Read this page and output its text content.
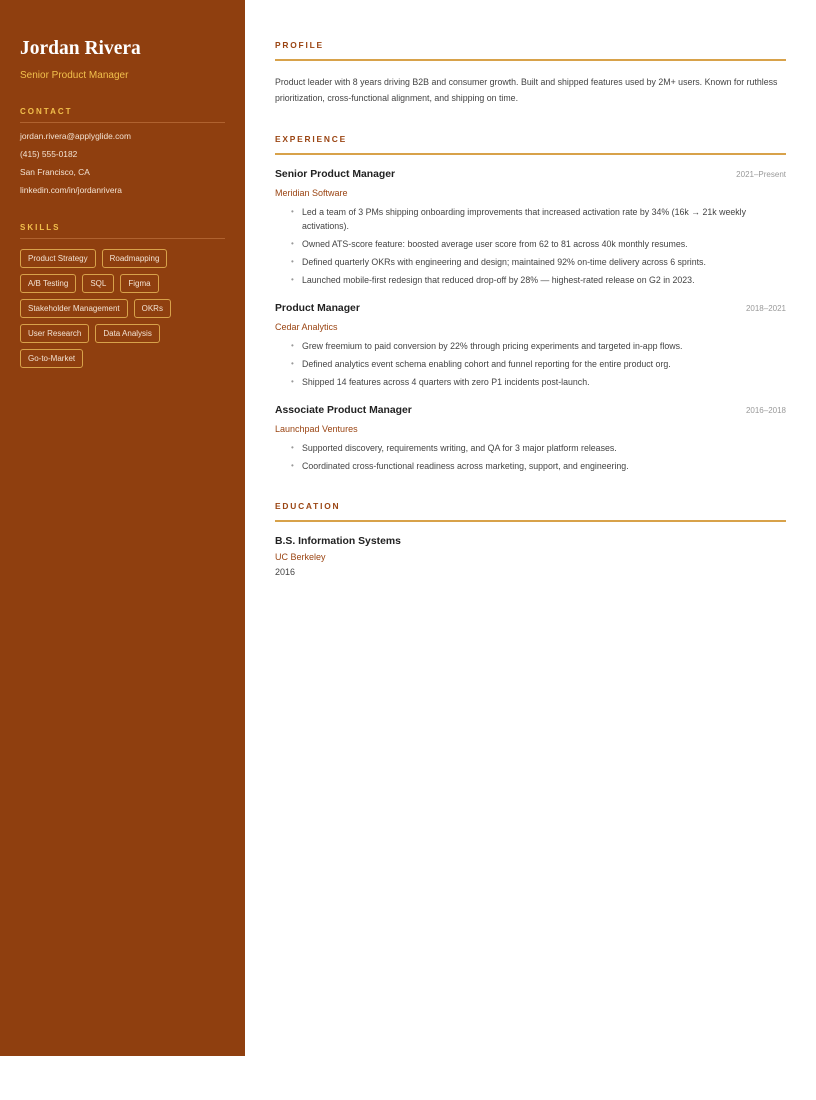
Jordan Rivera
Senior Product Manager
CONTACT
jordan.rivera@applyglide.com
(415) 555-0182
San Francisco, CA
linkedin.com/in/jordanrivera
SKILLS
Product Strategy	Roadmapping
A/B Testing	SQL	Figma
Stakeholder Management	OKRs
User Research	Data Analysis
Go-to-Market
PROFILE
Product leader with 8 years driving B2B and consumer growth. Built and shipped features used by 2M+ users. Known for ruthless prioritization, cross-functional alignment, and shipping on time.
EXPERIENCE
Senior Product Manager	2021–Present
Meridian Software
• Led a team of 3 PMs shipping onboarding improvements that increased activation rate by 34% (16k → 21k weekly activations).
• Owned ATS-score feature: boosted average user score from 62 to 81 across 40k monthly resumes.
• Defined quarterly OKRs with engineering and design; maintained 92% on-time delivery across 6 sprints.
• Launched mobile-first redesign that reduced drop-off by 28% — highest-rated release on G2 in 2023.
Product Manager	2018–2021
Cedar Analytics
• Grew freemium to paid conversion by 22% through pricing experiments and targeted in-app flows.
• Defined analytics event schema enabling cohort and funnel reporting for the entire product org.
• Shipped 14 features across 4 quarters with zero P1 incidents post-launch.
Associate Product Manager	2016–2018
Launchpad Ventures
• Supported discovery, requirements writing, and QA for 3 major platform releases.
• Coordinated cross-functional readiness across marketing, support, and engineering.
EDUCATION
B.S. Information Systems
UC Berkeley
2016
